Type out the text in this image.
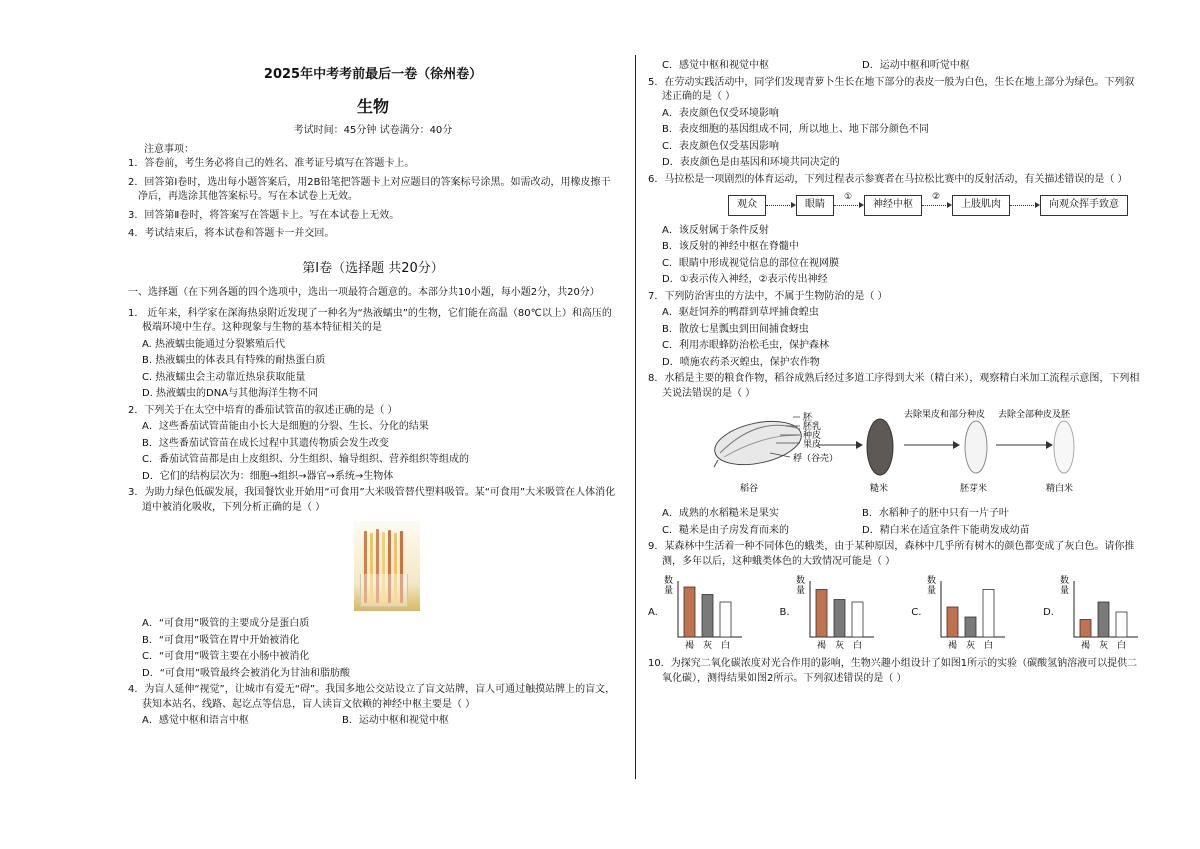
2025年中考考前最后一卷（徐州卷）
生物
考试时间：45分钟 试卷满分：40分
注意事项：

1．答卷前，考生务必将自己的姓名、准考证号填写在答题卡上。

2．回答第Ⅰ卷时，选出每小题答案后，用2B铅笔把答题卡上对应题目的答案标号涂黑。如需改动，用橡皮擦干净后，再选涂其他答案标号。写在本试卷上无效。

3．回答第Ⅱ卷时，将答案写在答题卡上。写在本试卷上无效。

4．考试结束后，将本试卷和答题卡一并交回。

第Ⅰ卷（选择题 共20分）
一、选择题（在下列各题的四个选项中，选出一项最符合题意的。本部分共10小题，每小题2分，共20分）
1． 近年来，科学家在深海热泉附近发现了一种名为“热液蠕虫”的生物，它们能在高温（80℃以上）和高压的极端环境中生存。这种现象与生物的基本特征相关的是
A. 热液蠕虫能通过分裂繁殖后代
B. 热液蠕虫的体表具有特殊的耐热蛋白质
C. 热液蠕虫会主动靠近热泉获取能量
D. 热液蠕虫的DNA与其他海洋生物不同
2．下列关于在太空中培育的番茄试管苗的叙述正确的是（ ）
A．这些番茄试管苗能由小长大是细胞的分裂、生长、分化的结果
B．这些番茄试管苗在成长过程中其遗传物质会发生改变
C．番茄试管苗都是由上皮组织、分生组织、输导组织、营养组织等组成的
D．它们的结构层次为：细胞→组织→器官→系统→生物体
3．为助力绿色低碳发展，我国餐饮业开始用“可食用”大米吸管替代塑料吸管。某“可食用”大米吸管在人体消化道中被消化吸收，下列分析正确的是（ ）
A．“可食用”吸管的主要成分是蛋白质
B．“可食用”吸管在胃中开始被消化
C．“可食用”吸管主要在小肠中被消化
D．“可食用”吸管最终会被消化为甘油和脂肪酸
4．为盲人延伸“视觉”，让城市有爱无“碍”。我国多地公交站设立了盲文站牌，盲人可通过触摸站牌上的盲文，获知本站名、线路、起讫点等信息，盲人读盲文依赖的神经中枢主要是（ ）
A．感觉中枢和语言中枢	B．运动中枢和视觉中枢
C．感觉中枢和视觉中枢	D．运动中枢和听觉中枢
5．在劳动实践活动中，同学们发现青萝卜生长在地下部分的表皮一般为白色，生长在地上部分为绿色。下列叙述正确的是（ ）
A．表皮颜色仅受环境影响
B．表皮细胞的基因组成不同，所以地上、地下部分颜色不同
C．表皮颜色仅受基因影响
D．表皮颜色是由基因和环境共同决定的
6．马拉松是一项剧烈的体育运动，下列过程表示参赛者在马拉松比赛中的反射活动，有关描述错误的是（ ）
观众	眼睛
①
神经中枢
②
上肢肌肉	向观众挥手致意
A．该反射属于条件反射
B．该反射的神经中枢在脊髓中
C．眼睛中形成视觉信息的部位在视网膜
D．①表示传入神经，②表示传出神经
7．下列防治害虫的方法中，不属于生物防治的是（ ）
A．驱赶饲养的鸭群到草坪捕食蝗虫
B．散放七星瓢虫到田间捕食蚜虫
C．利用赤眼蜂防治松毛虫，保护森林
D．喷施农药杀灭蝗虫，保护农作物
8．水稻是主要的粮食作物，稻谷成熟后经过多道工序得到大米（精白米），观察精白米加工流程示意图，下列相关说法错误的是（ ）
胚
胚乳
种皮
果皮
稃（谷壳）
稻谷	糙米
去除果皮和部分种皮
胚芽米
去除全部种皮及胚
精白米
A．成熟的水稻糙米是果实	B．水稻种子的胚中只有一片子叶
C．糙米是由子房发育而来的	D．精白米在适宜条件下能萌发成幼苗
9．某森林中生活着一种不同体色的蛾类，由于某种原因，森林中几乎所有树木的颜色都变成了灰白色。请你推测，多年以后，这种蛾类体色的大致情况可能是（ ）
A.
数
量
褐 灰 白
B.
数
量
褐 灰 白
C.
数
量
褐 灰 白
D.
数
量
褐 灰 白
10．为探究二氧化碳浓度对光合作用的影响，生物兴趣小组设计了如图1所示的实验（碳酸氢钠溶液可以提供二氧化碳），测得结果如图2所示。下列叙述错误的是（ ）
